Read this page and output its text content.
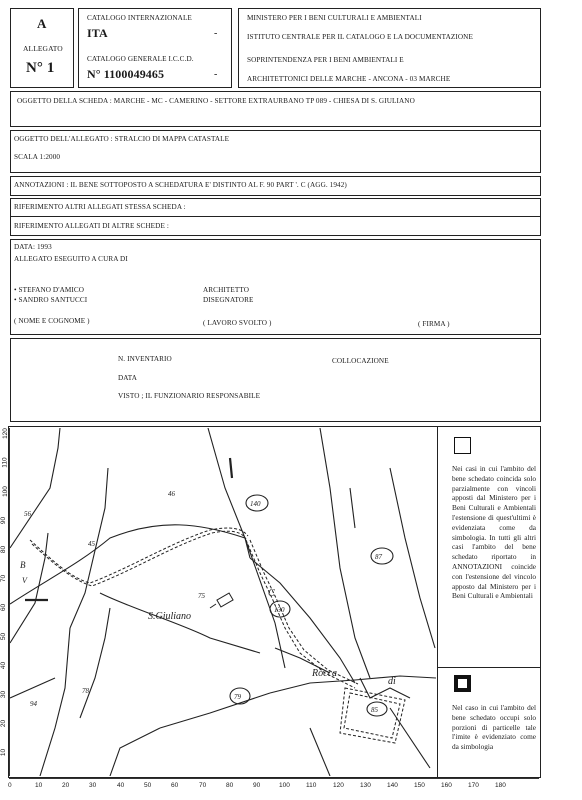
A
ALLEGATO
N° 1
CATALOGO INTERNAZIONALE
ITA	-
CATALOGO GENERALE I.C.C.D.
N° 1100049465	-
MINISTERO PER I BENI CULTURALI E AMBIENTALI
ISTITUTO CENTRALE PER IL CATALOGO E LA DOCUMENTAZIONE
SOPRINTENDENZA PER I BENI AMBIENTALI E
ARCHITETTONICI DELLE MARCHE - ANCONA - 03 MARCHE
OGGETTO DELLA SCHEDA : MARCHE - MC - CAMERINO - SETTORE EXTRAURBANO TP 089 - CHIESA DI S. GIULIANO
OGGETTO DELL'ALLEGATO : STRALCIO DI MAPPA CATASTALE
SCALA 1:2000
ANNOTAZIONI : IL BENE SOTTOPOSTO A SCHEDATURA E' DISTINTO AL F. 90 PART '. C (AGG. 1942)
RIFERIMENTO ALTRI ALLEGATI STESSA SCHEDA :
RIFERIMENTO ALLEGATI DI ALTRE SCHEDE :
DATA: 1993
ALLEGATO ESEGUITO A CURA DI
• STEFANO D'AMICO	ARCHITETTO
• SANDRO SANTUCCI	DISEGNATORE
( NOME E COGNOME )	( LAVORO SVOLTO )	( FIRMA )
N. INVENTARIO	COLLOCAZIONE
DATA
VISTO ; IL FUNZIONARIO RESPONSABILE
140
87
130
79
85
46
75
45
78
94
56
B
V
S.Giuliano
Rocca
di
C
120
110
100
90
80
70
60
50
40
30
20
10
0	10	20	30	40	50	60	70	80	90	100 110	120 130 140 150 160 170 180
Nei casi in cui l'ambito del bene schedato coincida solo parzialmente con vincoli apposti dal Ministero per i Beni Culturali e Ambientali l'estensione di quest'ultimi è evidenziata come da simbologia. In tutti gli altri casi l'ambito del bene schedato riportato in ANNOTAZIONI coincide con l'estensione del vincolo apposto dal Ministero per i Beni Culturali e Ambientali
Nel caso in cui l'ambito del bene schedato occupi solo porzioni di particelle tale l'imite è evidenziato come da simbologia
